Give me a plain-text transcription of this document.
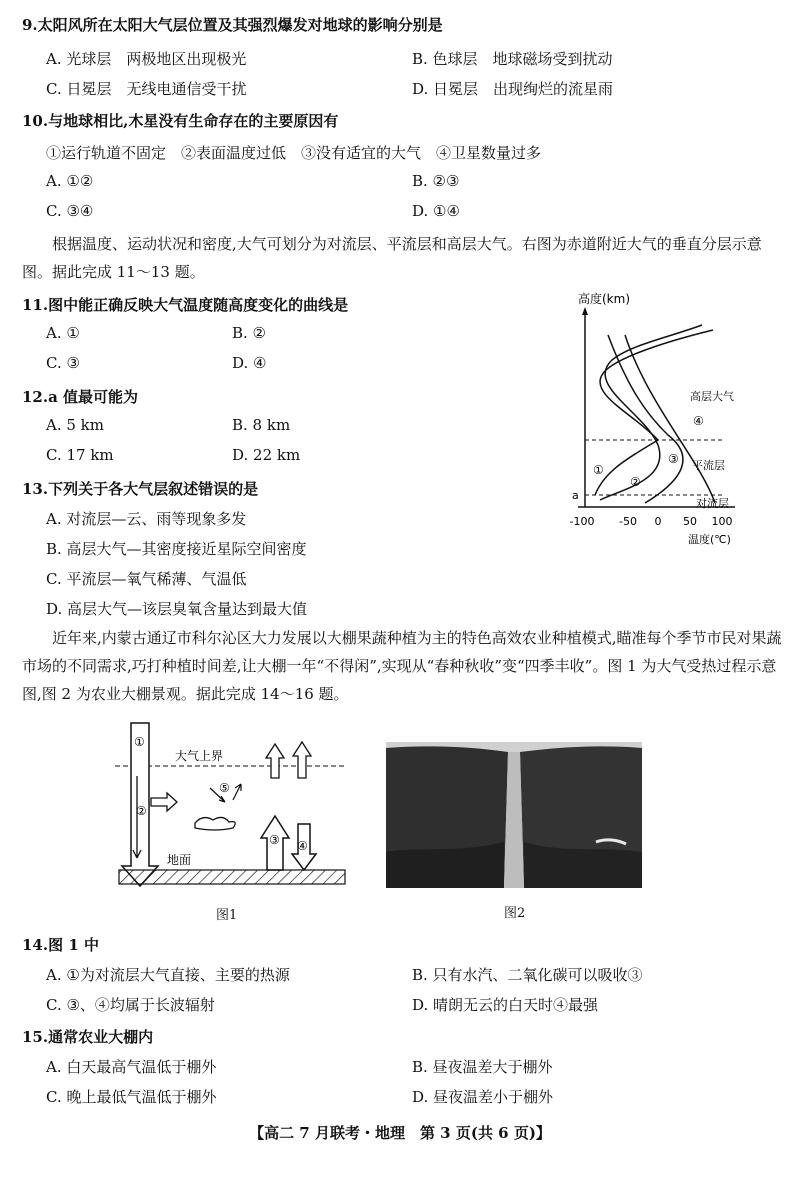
9.太阳风所在太阳大气层位置及其强烈爆发对地球的影响分别是
A. 光球层　两极地区出现极光	B. 色球层　地球磁场受到扰动
C. 日冕层　无线电通信受干扰	D. 日冕层　出现绚烂的流星雨
10.与地球相比,木星没有生命存在的主要原因有
①运行轨道不固定　②表面温度过低　③没有适宜的大气　④卫星数量过多
A. ①②	B. ②③
C. ③④	D. ①④
根据温度、运动状况和密度,大气可划分为对流层、平流层和高层大气。右图为赤道附近大气的垂直分层示意图。据此完成 11～13 题。
11.图中能正确反映大气温度随高度变化的曲线是
A. ①	B. ②
C. ③	D. ④
12.a 值最可能为
A. 5 km	B. 8 km
C. 17 km	D. 22 km
13.下列关于各大气层叙述错误的是
A. 对流层—云、雨等现象多发
B. 高层大气—其密度接近星际空间密度
C. 平流层—氧气稀薄、气温低
D. 高层大气—该层臭氧含量达到最大值
高度(km)
a
①
②
③
④
高层大气
平流层
对流层
-100 -50 0 50 100
温度(℃)
近年来,内蒙古通辽市科尔沁区大力发展以大棚果蔬种植为主的特色高效农业种植模式,瞄准每个季节市民对果蔬市场的不同需求,巧打种植时间差,让大棚一年“不得闲”,实现从“春种秋收”变“四季丰收”。图 1 为大气受热过程示意图,图 2 为农业大棚景观。据此完成 14～16 题。
大气上界
①
②
⑤
③ ④
地面
图1	图2
14.图 1 中
A. ①为对流层大气直接、主要的热源	B. 只有水汽、二氧化碳可以吸收③
C. ③、④均属于长波辐射	D. 晴朗无云的白天时④最强
15.通常农业大棚内
A. 白天最高气温低于棚外	B. 昼夜温差大于棚外
C. 晚上最低气温低于棚外	D. 昼夜温差小于棚外
【高二 7 月联考・地理　第 3 页(共 6 页)】
